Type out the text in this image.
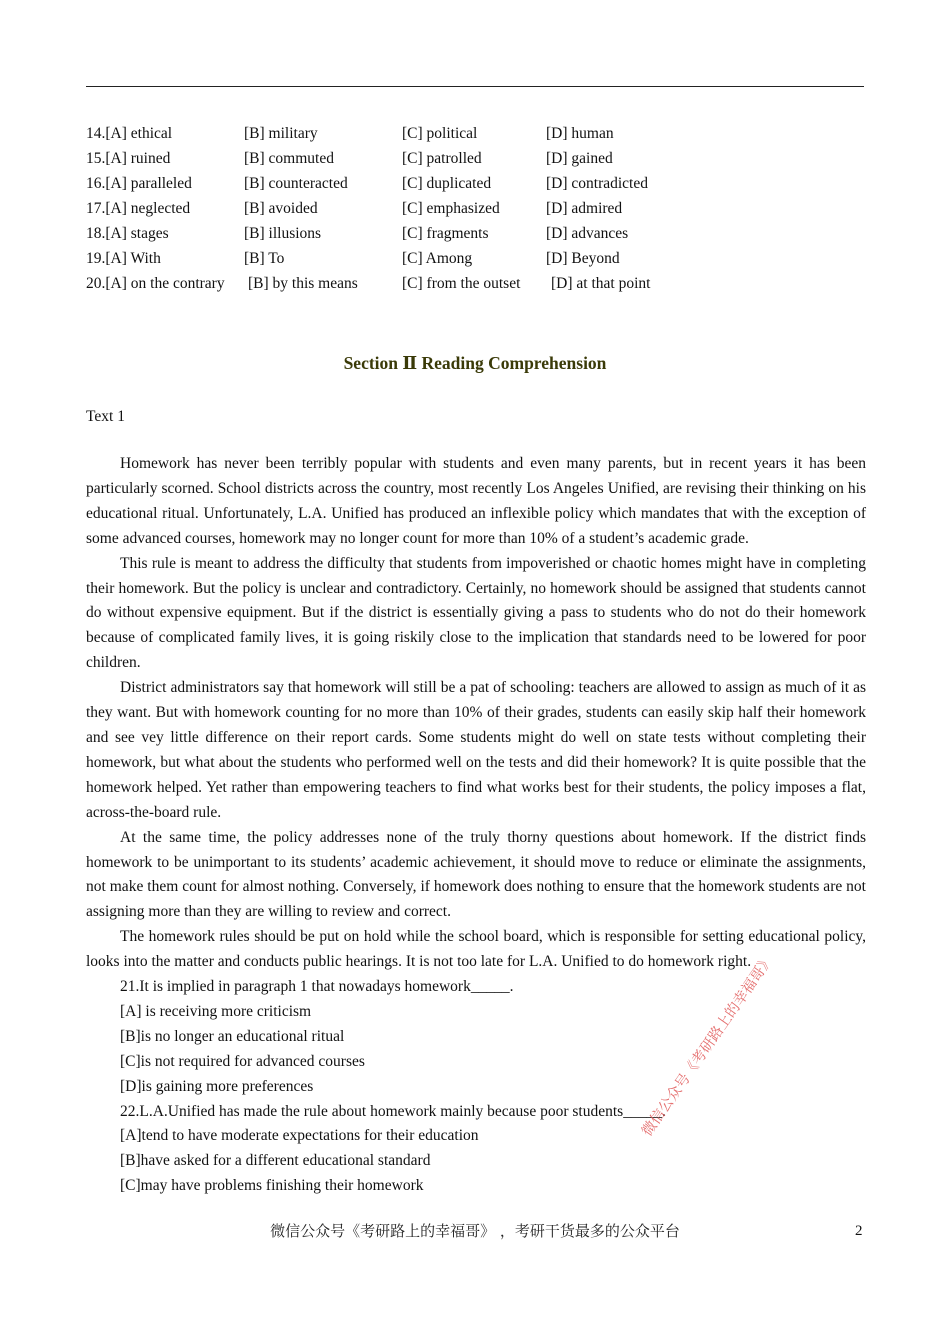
14.[A] ethical	[B] military	[C] political	[D] human
15.[A] ruined	[B] commuted	[C] patrolled	[D] gained
16.[A] paralleled	[B] counteracted	[C] duplicated	[D] contradicted
17.[A] neglected	[B] avoided	[C] emphasized	[D] admired
18.[A] stages	[B] illusions	[C] fragments	[D] advances
19.[A] With	[B] To	[C] Among	[D] Beyond
20.[A] on the contrary [B] by this means	[C] from the outset [D] at that point
Section Ⅱ Reading Comprehension
Text 1

Homework has never been terribly popular with students and even many parents, but in recent years it has been particularly scorned. School districts across the country, most recently Los Angeles Unified, are revising their thinking on his educational ritual. Unfortunately, L.A. Unified has produced an inflexible policy which mandates that with the exception of some advanced courses, homework may no longer count for more than 10% of a student’s academic grade.

This rule is meant to address the difficulty that students from impoverished or chaotic homes might have in completing their homework. But the policy is unclear and contradictory. Certainly, no homework should be assigned that students cannot do without expensive equipment. But if the district is essentially giving a pass to students who do not do their homework because of complicated family lives, it is going riskily close to the implication that standards need to be lowered for poor children.

District administrators say that homework will still be a pat of schooling: teachers are allowed to assign as much of it as they want. But with homework counting for no more than 10% of their grades, students can easily skip half their homework and see vey little difference on their report cards. Some students might do well on state tests without completing their homework, but what about the students who performed well on the tests and did their homework? It is quite possible that the homework helped. Yet rather than empowering teachers to find what works best for their students, the policy imposes a flat, across-the-board rule.

At the same time, the policy addresses none of the truly thorny questions about homework. If the district finds homework to be unimportant to its students’ academic achievement, it should move to reduce or eliminate the assignments, not make them count for almost nothing. Conversely, if homework does nothing to ensure that the homework students are not assigning more than they are willing to review and correct.

The homework rules should be put on hold while the school board, which is responsible for setting educational policy, looks into the matter and conducts public hearings. It is not too late for L.A. Unified to do homework right.

21.It is implied in paragraph 1 that nowadays homework_____.

[A] is receiving more criticism

[B]is no longer an educational ritual

[C]is not required for advanced courses

[D]is gaining more preferences

22.L.A.Unified has made the rule about homework mainly because poor students_____.

[A]tend to have moderate expectations for their education

[B]have asked for a different educational standard

[C]may have problems finishing their homework

微信公众号《考研路上的幸福哥》
微信公众号《考研路上的幸福哥》 ，考研干货最多的公众平台	2
